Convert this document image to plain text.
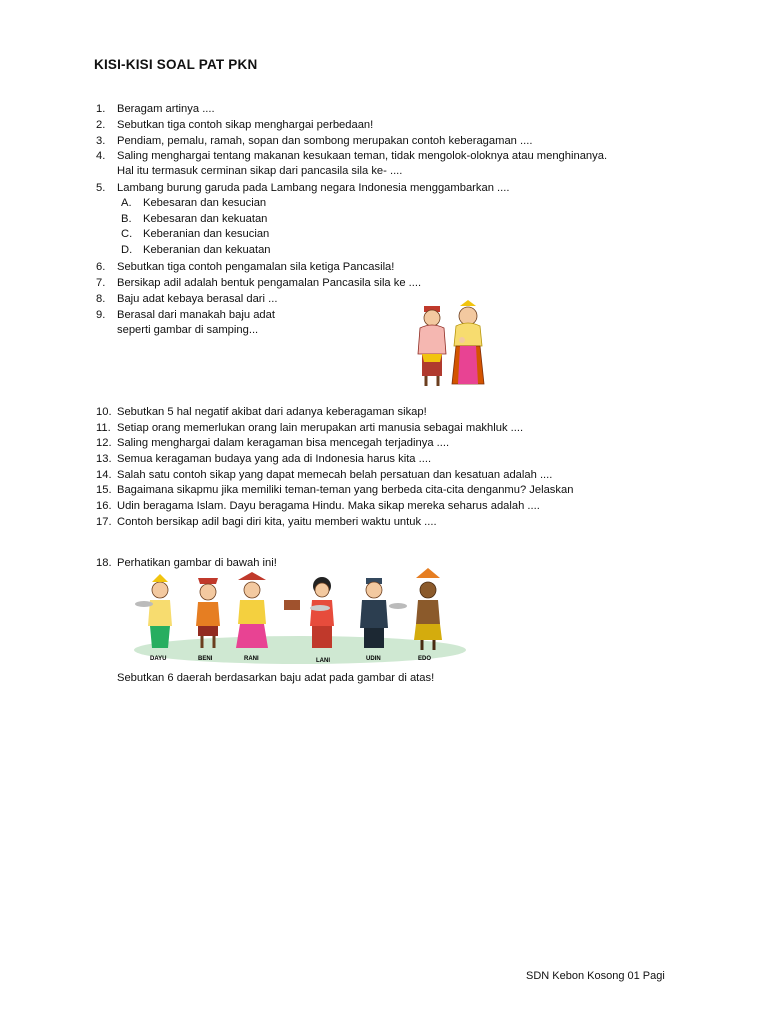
KISI-KISI SOAL PAT PKN
1. Beragam artinya ....
2. Sebutkan tiga contoh sikap menghargai perbedaan!
3. Pendiam, pemalu, ramah, sopan dan sombong merupakan contoh keberagaman ....
4. Saling menghargai tentang makanan kesukaan teman, tidak mengolok-oloknya atau menghinanya.
Hal itu termasuk cerminan sikap dari pancasila sila ke- ....
5. Lambang burung garuda pada Lambang negara Indonesia menggambarkan ....
A. Kebesaran dan kesucian
B. Kebesaran dan kekuatan
C. Keberanian dan kesucian
D. Keberanian dan kekuatan
6. Sebutkan tiga contoh pengamalan sila ketiga Pancasila!
7. Bersikap adil adalah bentuk pengamalan Pancasila sila ke ....
8. Baju adat kebaya berasal dari ...
9. Berasal dari manakah baju adat
seperti gambar di samping...
10. Sebutkan 5 hal negatif akibat dari adanya keberagaman sikap!
11. Setiap orang memerlukan orang lain merupakan arti manusia sebagai makhluk ....
12. Saling menghargai dalam keragaman bisa mencegah terjadinya ....
13. Semua keragaman budaya yang ada di Indonesia harus kita ....
14. Salah satu contoh sikap yang dapat memecah belah persatuan dan kesatuan adalah ....
15. Bagaimana sikapmu jika memiliki teman-teman yang berbeda cita-cita denganmu? Jelaskan
16. Udin beragama Islam. Dayu beragama Hindu. Maka sikap mereka seharus adalah ....
17. Contoh bersikap adil bagi diri kita, yaitu memberi waktu untuk ....
18. Perhatikan gambar di bawah ini!
DAYU	BENI	RANI	LANI	UDIN	EDO
Sebutkan 6 daerah berdasarkan baju adat pada gambar di atas!
SDN Kebon Kosong 01 Pagi
